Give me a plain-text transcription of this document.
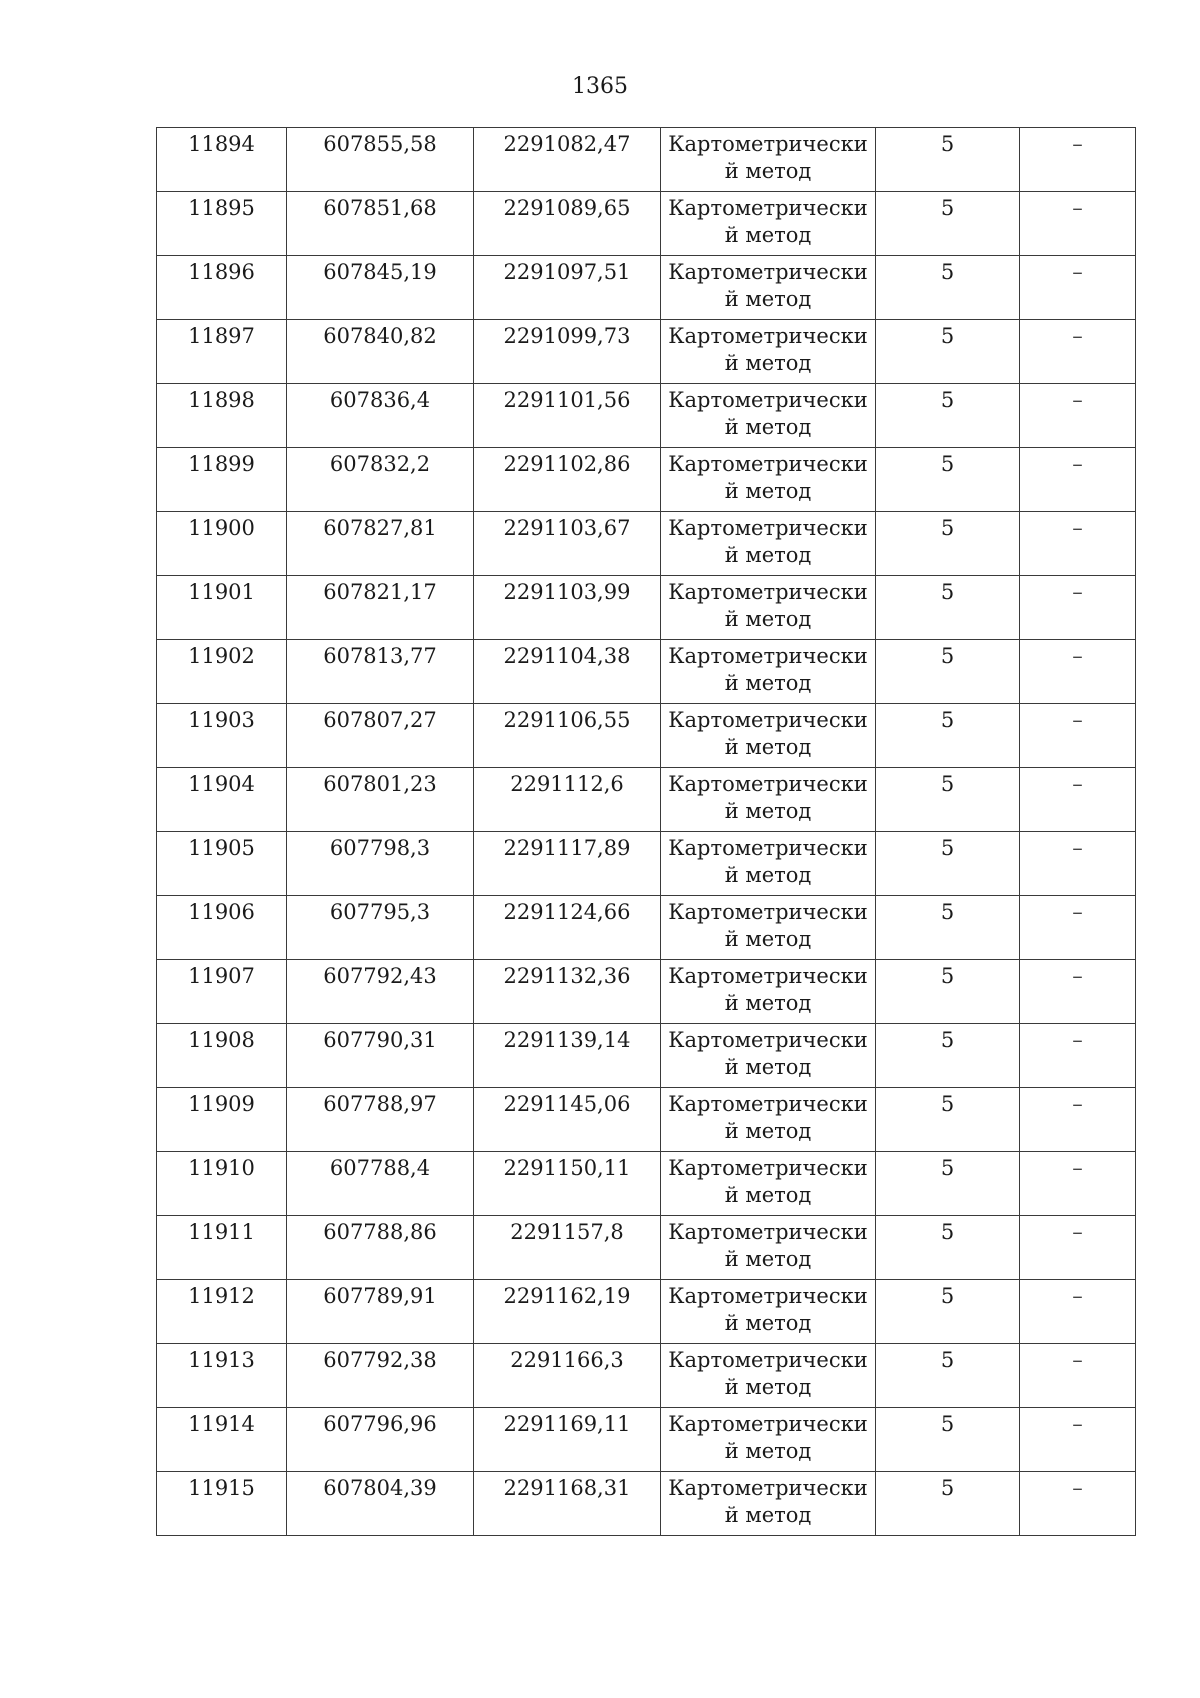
1365
11894	607855,58	2291082,47	Картометрический метод	5	–
11895	607851,68	2291089,65	Картометрический метод	5	–
11896	607845,19	2291097,51	Картометрический метод	5	–
11897	607840,82	2291099,73	Картометрический метод	5	–
11898	607836,4	2291101,56	Картометрический метод	5	–
11899	607832,2	2291102,86	Картометрический метод	5	–
11900	607827,81	2291103,67	Картометрический метод	5	–
11901	607821,17	2291103,99	Картометрический метод	5	–
11902	607813,77	2291104,38	Картометрический метод	5	–
11903	607807,27	2291106,55	Картометрический метод	5	–
11904	607801,23	2291112,6	Картометрический метод	5	–
11905	607798,3	2291117,89	Картометрический метод	5	–
11906	607795,3	2291124,66	Картометрический метод	5	–
11907	607792,43	2291132,36	Картометрический метод	5	–
11908	607790,31	2291139,14	Картометрический метод	5	–
11909	607788,97	2291145,06	Картометрический метод	5	–
11910	607788,4	2291150,11	Картометрический метод	5	–
11911	607788,86	2291157,8	Картометрический метод	5	–
11912	607789,91	2291162,19	Картометрический метод	5	–
11913	607792,38	2291166,3	Картометрический метод	5	–
11914	607796,96	2291169,11	Картометрический метод	5	–
11915	607804,39	2291168,31	Картометрический метод	5	–
